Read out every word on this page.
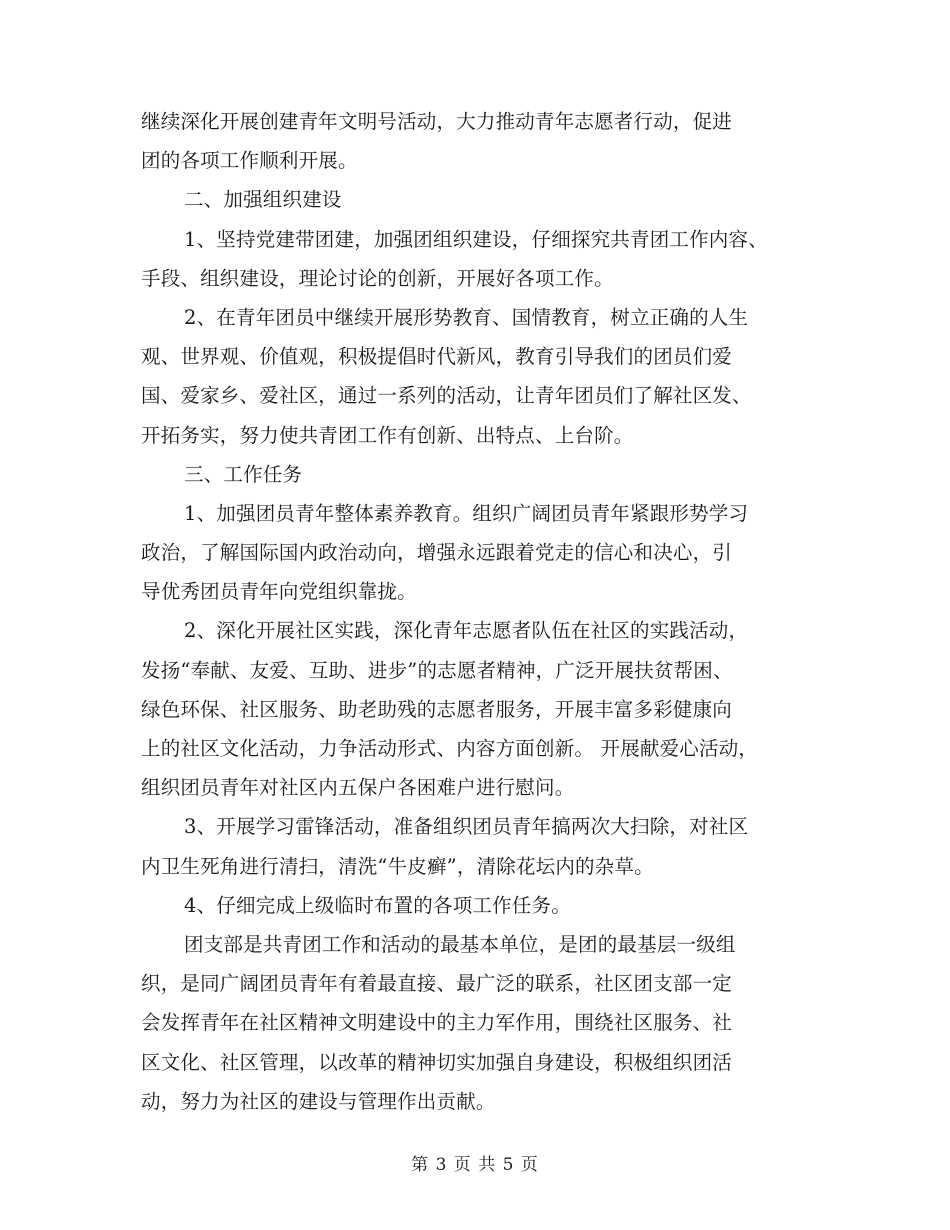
继续深化开展创建青年文明号活动，大力推动青年志愿者行动，促进
团的各项工作顺利开展。
二、加强组织建设
1、坚持党建带团建，加强团组织建设，仔细探究共青团工作内容、
手段、组织建设，理论讨论的创新，开展好各项工作。
2、在青年团员中继续开展形势教育、国情教育，树立正确的人生
观、世界观、价值观，积极提倡时代新风，教育引导我们的团员们爱
国、爱家乡、爱社区，通过一系列的活动，让青年团员们了解社区发、
开拓务实，努力使共青团工作有创新、出特点、上台阶。
三、工作任务
1、加强团员青年整体素养教育。组织广阔团员青年紧跟形势学习
政治，了解国际国内政治动向，增强永远跟着党走的信心和决心，引
导优秀团员青年向党组织靠拢。
2、深化开展社区实践，深化青年志愿者队伍在社区的实践活动，
发扬“奉献、友爱、互助、进步”的志愿者精神，广泛开展扶贫帮困、
绿色环保、社区服务、助老助残的志愿者服务，开展丰富多彩健康向
上的社区文化活动，力争活动形式、内容方面创新。 开展献爱心活动，
组织团员青年对社区内五保户各困难户进行慰问。
3、开展学习雷锋活动，准备组织团员青年搞两次大扫除，对社区
内卫生死角进行清扫，清洗“牛皮癣”，清除花坛内的杂草。
4、仔细完成上级临时布置的各项工作任务。
团支部是共青团工作和活动的最基本单位，是团的最基层一级组
织，是同广阔团员青年有着最直接、最广泛的联系，社区团支部一定
会发挥青年在社区精神文明建设中的主力军作用，围绕社区服务、社
区文化、社区管理，以改革的精神切实加强自身建设，积极组织团活
动，努力为社区的建设与管理作出贡献。
第 3 页 共 5 页
